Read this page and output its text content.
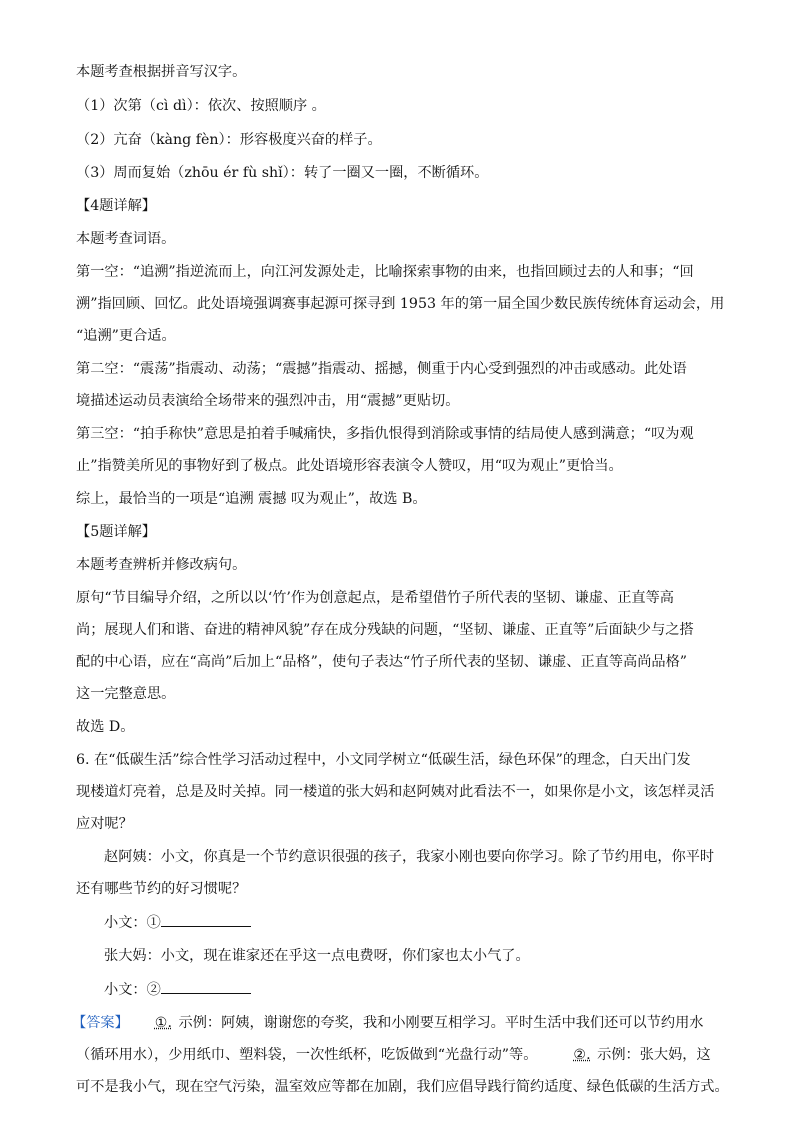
本题考查根据拼音写汉字。

（1）次第（cì dì）：依次、按照顺序 。

（2）亢奋（kàng fèn）：形容极度兴奋的样子。

（3）周而复始（zhōu ér fù shǐ）：转了一圈又一圈，不断循环。

【4题详解】

本题考查词语。

第一空：“追溯”指逆流而上，向江河发源处走，比喻探索事物的由来，也指回顾过去的人和事；“回

溯”指回顾、回忆。此处语境强调赛事起源可探寻到 1953 年的第一届全国少数民族传统体育运动会，用

“追溯”更合适。

第二空：“震荡”指震动、动荡；“震撼”指震动、摇撼，侧重于内心受到强烈的冲击或感动。此处语

境描述运动员表演给全场带来的强烈冲击，用“震撼”更贴切。

第三空：“拍手称快”意思是拍着手喊痛快，多指仇恨得到消除或事情的结局使人感到满意；“叹为观

止”指赞美所见的事物好到了极点。此处语境形容表演令人赞叹，用“叹为观止”更恰当。

综上，最恰当的一项是“追溯 震撼 叹为观止”，故选 B。

【5题详解】

本题考查辨析并修改病句。

原句“节目编导介绍，之所以以‘竹’作为创意起点，是希望借竹子所代表的坚韧、谦虚、正直等高

尚；展现人们和谐、奋进的精神风貌”存在成分残缺的问题，“坚韧、谦虚、正直等”后面缺少与之搭

配的中心语，应在“高尚”后加上“品格”，使句子表达“竹子所代表的坚韧、谦虚、正直等高尚品格”

这一完整意思。

故选 D。

6. 在“低碳生活”综合性学习活动过程中，小文同学树立“低碳生活，绿色环保”的理念，白天出门发

现楼道灯亮着，总是及时关掉。同一楼道的张大妈和赵阿姨对此看法不一，如果你是小文，该怎样灵活

应对呢？

赵阿姨：小文，你真是一个节约意识很强的孩子，我家小刚也要向你学习。除了节约用电，你平时

还有哪些节约的好习惯呢？

小文：①

张大妈：小文，现在谁家还在乎这一点电费呀，你们家也太小气了。

小文：②

【答案】 ①. 示例：阿姨，谢谢您的夸奖，我和小刚要互相学习。平时生活中我们还可以节约用水

（循环用水），少用纸巾、塑料袋，一次性纸杯，吃饭做到“光盘行动”等。	②. 示例：张大妈，这

可不是我小气，现在空气污染，温室效应等都在加剧，我们应倡导践行简约适度、绿色低碳的生活方式。
